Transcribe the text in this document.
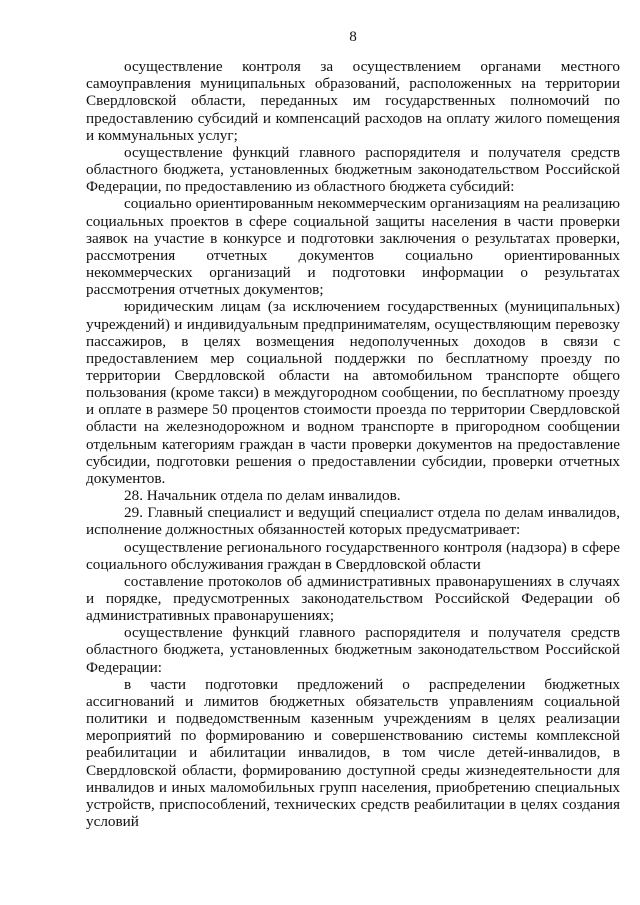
8

осуществление контроля за осуществлением органами местного самоуправления муниципальных образований, расположенных на территории Свердловской области, переданных им государственных полномочий по предоставлению субсидий и компенсаций расходов на оплату жилого помещения и коммунальных услуг;

осуществление функций главного распорядителя и получателя средств областного бюджета, установленных бюджетным законодательством Российской Федерации, по предоставлению из областного бюджета субсидий:

социально ориентированным некоммерческим организациям на реализацию социальных проектов в сфере социальной защиты населения в части проверки заявок на участие в конкурсе и подготовки заключения о результатах проверки, рассмотрения отчетных документов социально ориентированных некоммерческих организаций и подготовки информации о результатах рассмотрения отчетных документов;

юридическим лицам (за исключением государственных (муниципальных) учреждений) и индивидуальным предпринимателям, осуществляющим перевозку пассажиров, в целях возмещения недополученных доходов в связи с предоставлением мер социальной поддержки по бесплатному проезду по территории Свердловской области на автомобильном транспорте общего пользования (кроме такси) в междугородном сообщении, по бесплатному проезду и оплате в размере 50 процентов стоимости проезда по территории Свердловской области на железнодорожном и водном транспорте в пригородном сообщении отдельным категориям граждан в части проверки документов на предоставление субсидии, подготовки решения о предоставлении субсидии, проверки отчетных документов.

28. Начальник отдела по делам инвалидов.

29. Главный специалист и ведущий специалист отдела по делам инвалидов, исполнение должностных обязанностей которых предусматривает:

осуществление регионального государственного контроля (надзора) в сфере социального обслуживания граждан в Свердловской области

составление протоколов об административных правонарушениях в случаях и порядке, предусмотренных законодательством Российской Федерации об административных правонарушениях;

осуществление функций главного распорядителя и получателя средств областного бюджета, установленных бюджетным законодательством Российской Федерации:

в части подготовки предложений о распределении бюджетных ассигнований и лимитов бюджетных обязательств управлениям социальной политики и подведомственным казенным учреждениям в целях реализации мероприятий по формированию и совершенствованию системы комплексной реабилитации и абилитации инвалидов, в том числе детей-инвалидов, в Свердловской области, формированию доступной среды жизнедеятельности для инвалидов и иных маломобильных групп населения, приобретению специальных устройств, приспособлений, технических средств реабилитации в целях создания условий
